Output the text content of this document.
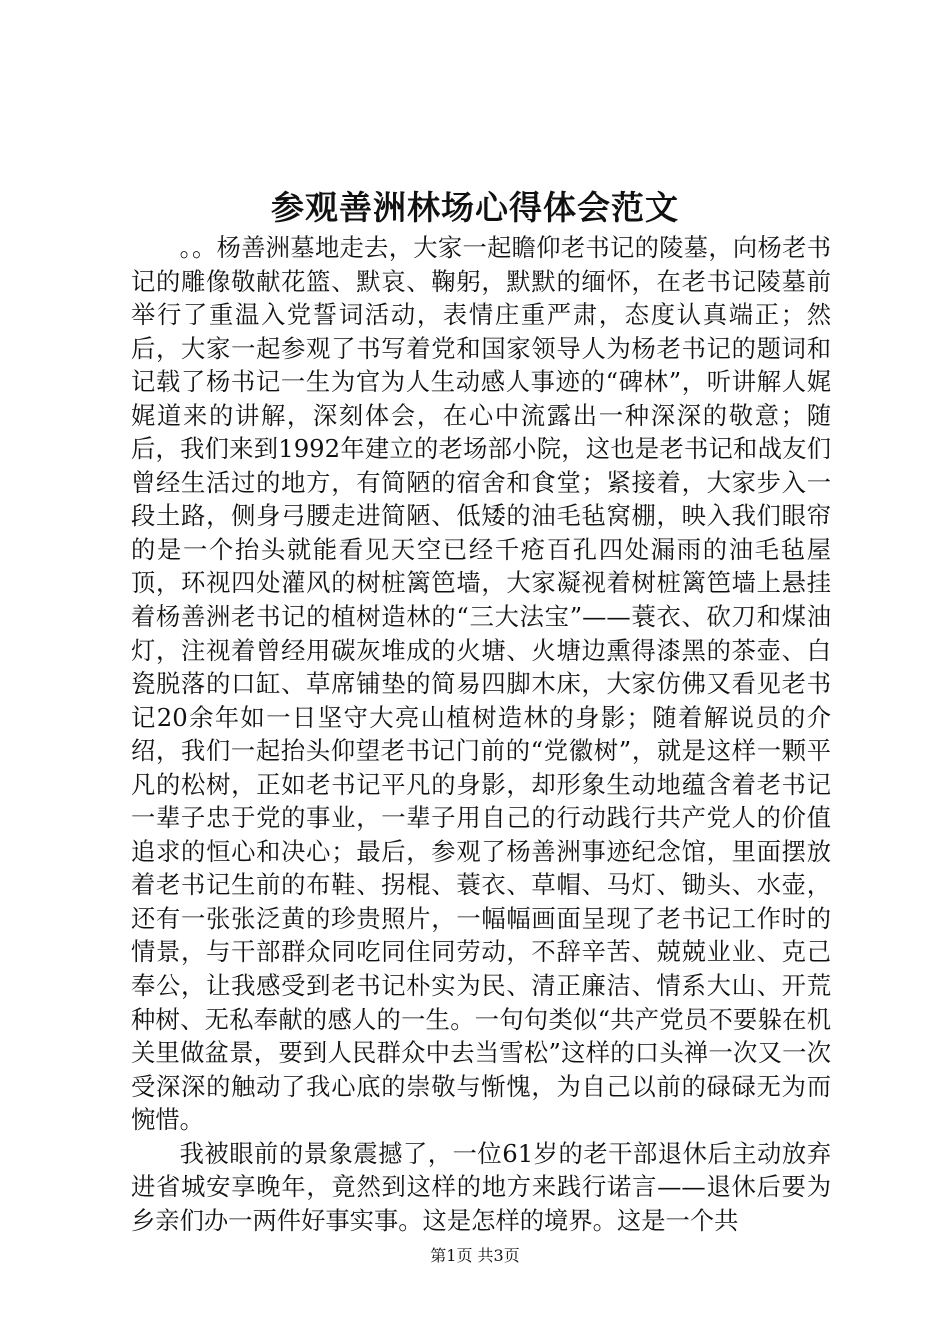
参观善洲林场心得体会范文

。。杨善洲墓地走去，大家一起瞻仰老书记的陵墓，向杨老书记的雕像敬献花篮、默哀、鞠躬，默默的缅怀，在老书记陵墓前举行了重温入党誓词活动，表情庄重严肃，态度认真端正；然后，大家一起参观了书写着党和国家领导人为杨老书记的题词和记载了杨书记一生为官为人生动感人事迹的“碑林”，听讲解人娓娓道来的讲解，深刻体会，在心中流露出一种深深的敬意；随后，我们来到1992年建立的老场部小院，这也是老书记和战友们曾经生活过的地方，有简陋的宿舍和食堂；紧接着，大家步入一段土路，侧身弓腰走进简陋、低矮的油毛毡窝棚，映入我们眼帘的是一个抬头就能看见天空已经千疮百孔四处漏雨的油毛毡屋顶，环视四处灌风的树桩篱笆墙，大家凝视着树桩篱笆墙上悬挂着杨善洲老书记的植树造林的“三大法宝”——蓑衣、砍刀和煤油灯，注视着曾经用碳灰堆成的火塘、火塘边熏得漆黑的茶壶、白瓷脱落的口缸、草席铺垫的简易四脚木床，大家仿佛又看见老书记20余年如一日坚守大亮山植树造林的身影；随着解说员的介绍，我们一起抬头仰望老书记门前的“党徽树”，就是这样一颗平凡的松树，正如老书记平凡的身影，却形象生动地蕴含着老书记一辈子忠于党的事业，一辈子用自己的行动践行共产党人的价值追求的恒心和决心；最后，参观了杨善洲事迹纪念馆，里面摆放着老书记生前的布鞋、拐棍、蓑衣、草帽、马灯、锄头、水壶，还有一张张泛黄的珍贵照片，一幅幅画面呈现了老书记工作时的情景，与干部群众同吃同住同劳动，不辞辛苦、兢兢业业、克己奉公，让我感受到老书记朴实为民、清正廉洁、情系大山、开荒种树、无私奉献的感人的一生。一句句类似“共产党员不要躲在机关里做盆景，要到人民群众中去当雪松”这样的口头禅一次又一次受深深的触动了我心底的崇敬与惭愧，为自己以前的碌碌无为而惋惜。

我被眼前的景象震撼了，一位61岁的老干部退休后主动放弃进省城安享晚年，竟然到这样的地方来践行诺言——退休后要为乡亲们办一两件好事实事。这是怎样的境界。这是一个共

第1页 共3页
